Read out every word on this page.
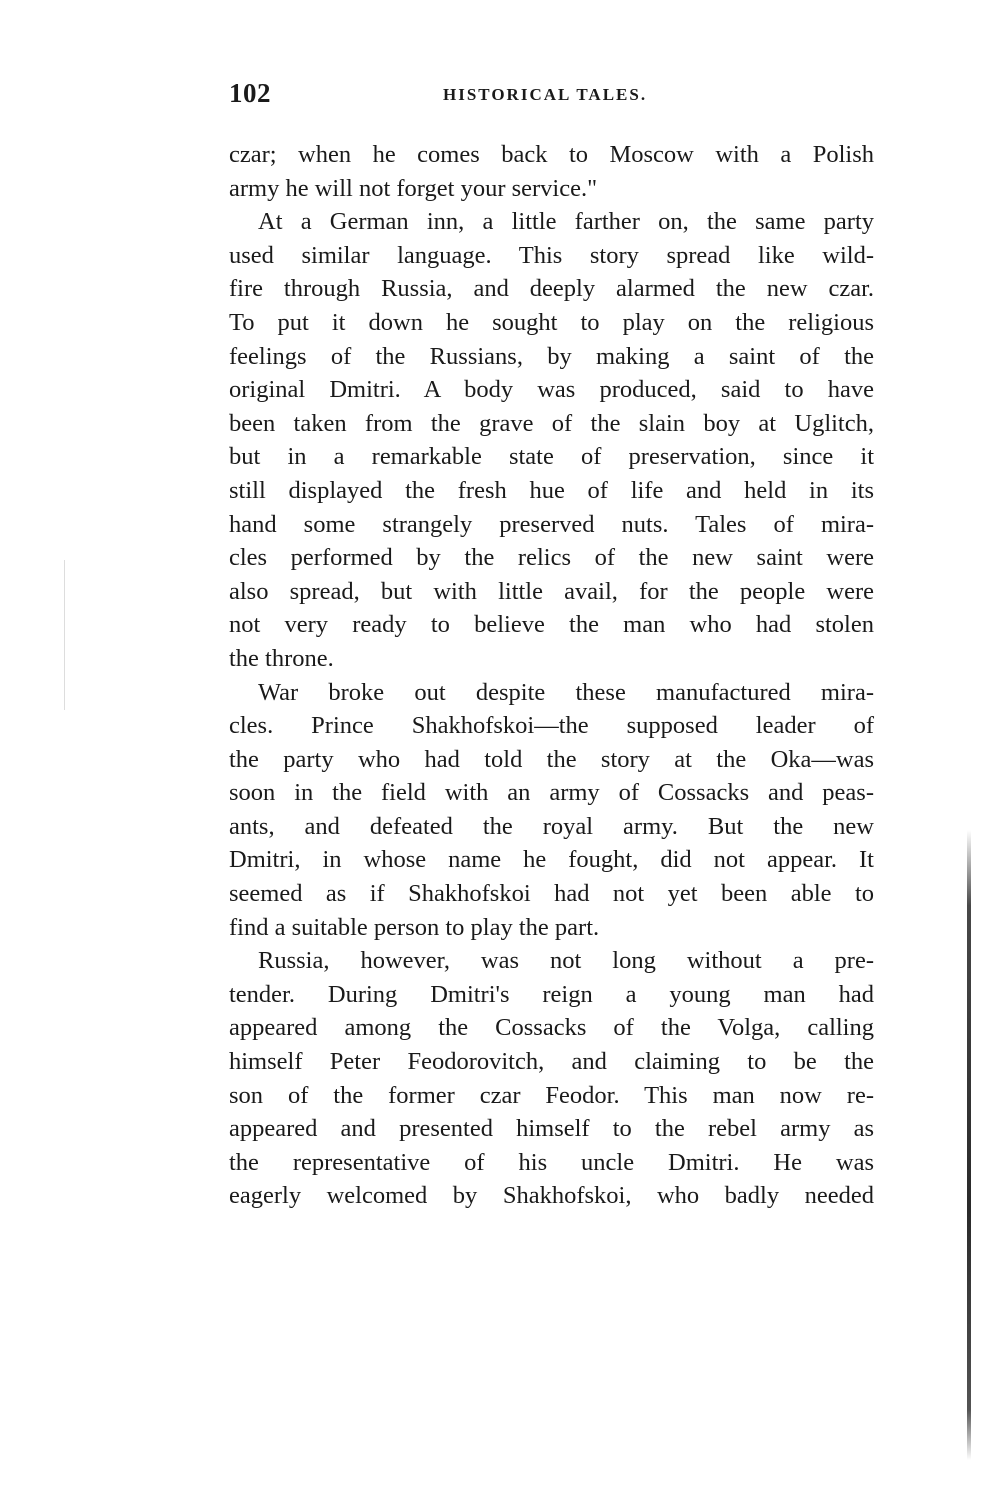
102	HISTORICAL TALES.

czar; when he comes back to Moscow with a Polish

army he will not forget your service."

At a German inn, a little farther on, the same party

used similar language. This story spread like wild-

fire through Russia, and deeply alarmed the new czar.

To put it down he sought to play on the religious

feelings of the Russians, by making a saint of the

original Dmitri. A body was produced, said to have

been taken from the grave of the slain boy at Uglitch,

but in a remarkable state of preservation, since it

still displayed the fresh hue of life and held in its

hand some strangely preserved nuts. Tales of mira-

cles performed by the relics of the new saint were

also spread, but with little avail, for the people were

not very ready to believe the man who had stolen

the throne.

War broke out despite these manufactured mira-

cles. Prince Shakhofskoi—the supposed leader of

the party who had told the story at the Oka—was

soon in the field with an army of Cossacks and peas-

ants, and defeated the royal army. But the new

Dmitri, in whose name he fought, did not appear. It

seemed as if Shakhofskoi had not yet been able to

find a suitable person to play the part.

Russia, however, was not long without a pre-

tender. During Dmitri's reign a young man had

appeared among the Cossacks of the Volga, calling

himself Peter Feodorovitch, and claiming to be the

son of the former czar Feodor. This man now re-

appeared and presented himself to the rebel army as

the representative of his uncle Dmitri. He was

eagerly welcomed by Shakhofskoi, who badly needed
